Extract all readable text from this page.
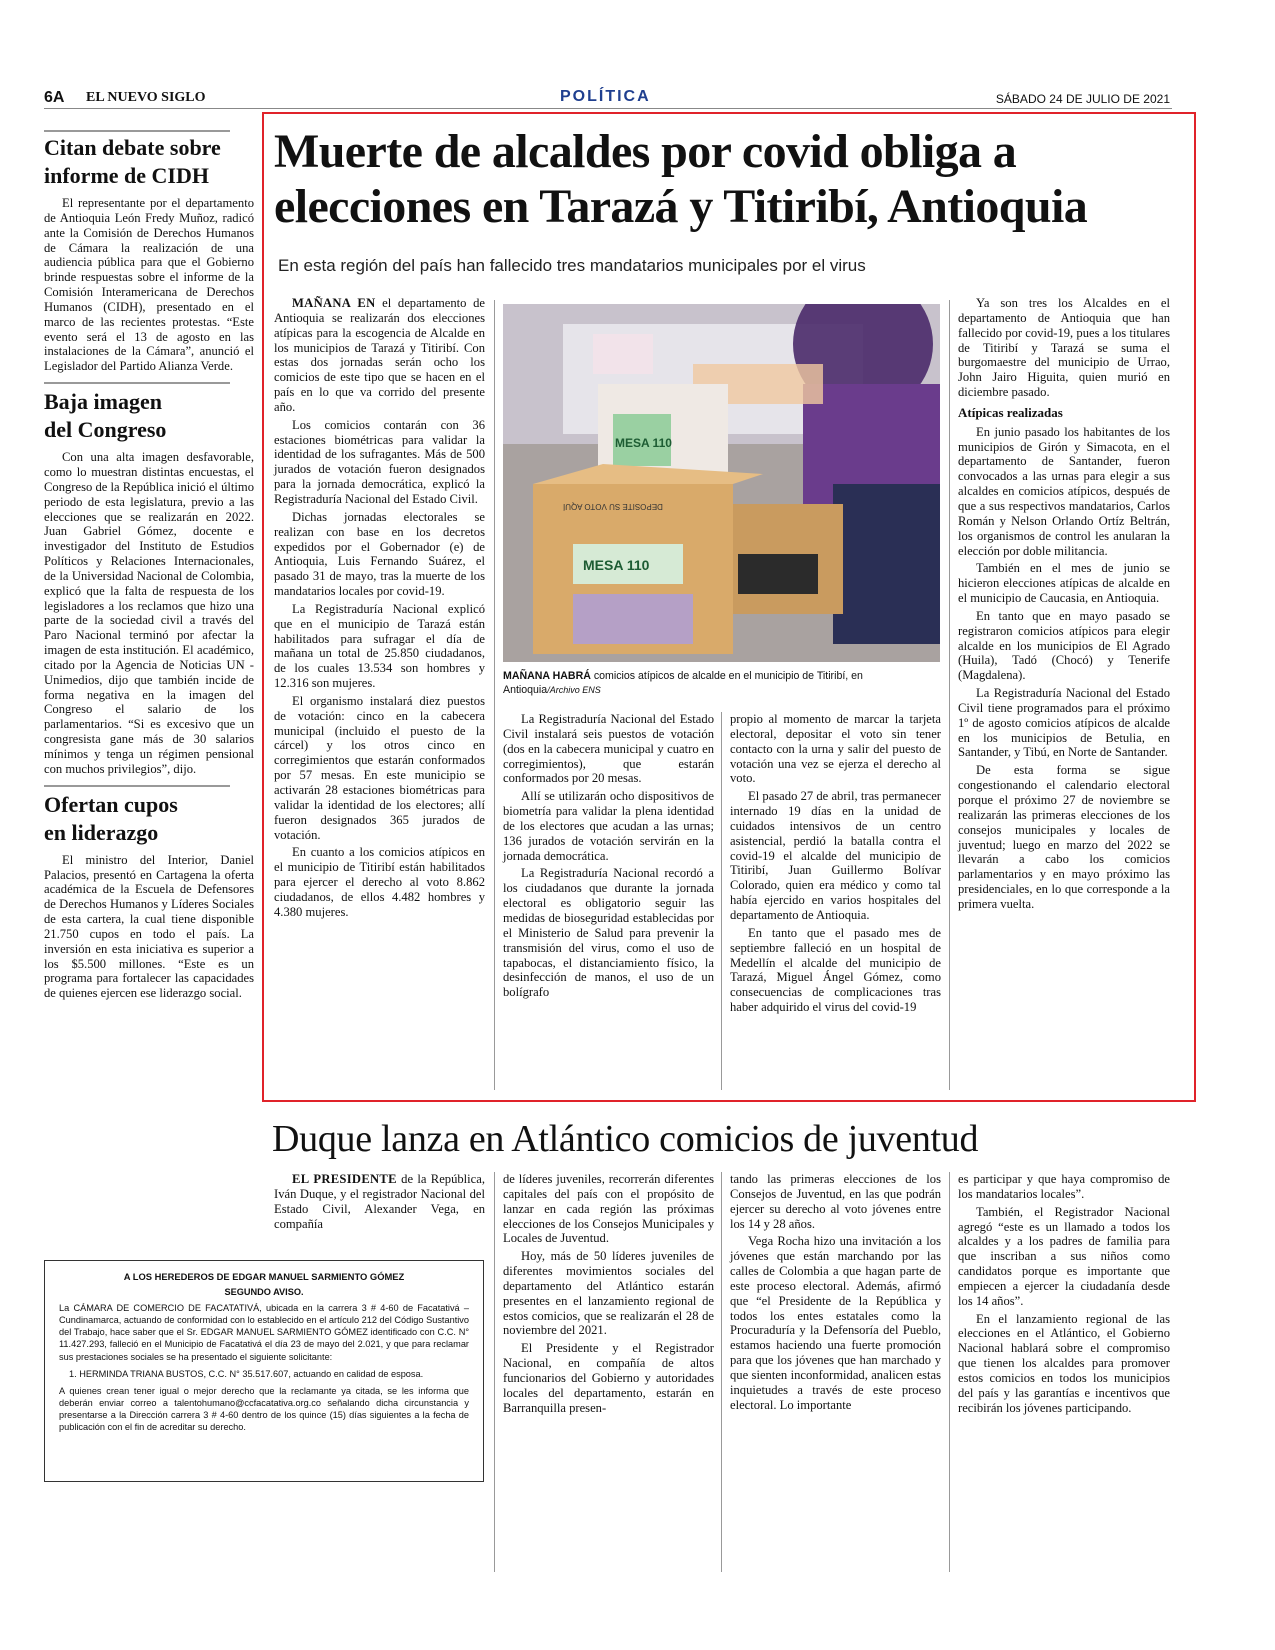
6A EL NUEVO SIGLO	POLÍTICA	SÁBADO 24 DE JULIO DE 2021
Citan debate sobre informe de CIDH

El representante por el departamento de Antioquia León Fredy Muñoz, radicó ante la Comisión de Derechos Humanos de Cámara la realización de una audiencia pública para que el Gobierno brinde respuestas sobre el informe de la Comisión Interamericana de Derechos Humanos (CIDH), presentado en el marco de las recientes protestas. “Este evento será el 13 de agosto en las instalaciones de la Cámara”, anunció el Legislador del Partido Alianza Verde.

Baja imagen del Congreso

Con una alta imagen desfavorable, como lo muestran distintas encuestas, el Congreso de la República inició el último periodo de esta legislatura, previo a las elecciones que se realizarán en 2022. Juan Gabriel Gómez, docente e investigador del Instituto de Estudios Políticos y Relaciones Internacionales, de la Universidad Nacional de Colombia, explicó que la falta de respuesta de los legisladores a los reclamos que hizo una parte de la sociedad civil a través del Paro Nacional terminó por afectar la imagen de esta institución. El académico, citado por la Agencia de Noticias UN - Unimedios, dijo que también incide de forma negativa en la imagen del Congreso el salario de los parlamentarios. “Si es excesivo que un congresista gane más de 30 salarios mínimos y tenga un régimen pensional con muchos privilegios”, dijo.

Ofertan cupos en liderazgo

El ministro del Interior, Daniel Palacios, presentó en Cartagena la oferta académica de la Escuela de Defensores de Derechos Humanos y Líderes Sociales de esta cartera, la cual tiene disponible 21.750 cupos en todo el país. La inversión en esta iniciativa es superior a los $5.500 millones. “Este es un programa para fortalecer las capacidades de quienes ejercen ese liderazgo social.

Muerte de alcaldes por covid obliga a elecciones en Tarazá y Titiribí, Antioquia
En esta región del país han fallecido tres mandatarios municipales por el virus

MAÑANA EN el departamento de Antioquia se realizarán dos elecciones atípicas para la escogencia de Alcalde en los municipios de Tarazá y Titiribí. Con estas dos jornadas serán ocho los comicios de este tipo que se hacen en el país en lo que va corrido del presente año.

Los comicios contarán con 36 estaciones biométricas para validar la identidad de los sufragantes. Más de 500 jurados de votación fueron designados para la jornada democrática, explicó la Registraduría Nacional del Estado Civil.

Dichas jornadas electorales se realizan con base en los decretos expedidos por el Gobernador (e) de Antioquia, Luis Fernando Suárez, el pasado 31 de mayo, tras la muerte de los mandatarios locales por covid-19.

La Registraduría Nacional explicó que en el municipio de Tarazá están habilitados para sufragar el día de mañana un total de 25.850 ciudadanos, de los cuales 13.534 son hombres y 12.316 son mujeres.

El organismo instalará diez puestos de votación: cinco en la cabecera municipal (incluido el puesto de la cárcel) y los otros cinco en corregimientos que estarán conformados por 57 mesas. En este municipio se activarán 28 estaciones biométricas para validar la identidad de los electores; allí fueron designados 365 jurados de votación.

En cuanto a los comicios atípicos en el municipio de Titiribí están habilitados para ejercer el derecho al voto 8.862 ciudadanos, de ellos 4.482 hombres y 4.380 mujeres.

MESA 110
MESA 110
DEPOSITE SU VOTO AQUÍ
MAÑANA HABRÁ comicios atípicos de alcalde en el municipio de Titiribí, en Antioquia/Archivo ENS

La Registraduría Nacional del Estado Civil instalará seis puestos de votación (dos en la cabecera municipal y cuatro en corregimientos), que estarán conformados por 20 mesas.

Allí se utilizarán ocho dispositivos de biometría para validar la plena identidad de los electores que acudan a las urnas; 136 jurados de votación servirán en la jornada democrática.

La Registraduría Nacional recordó a los ciudadanos que durante la jornada electoral es obligatorio seguir las medidas de bioseguridad establecidas por el Ministerio de Salud para prevenir la transmisión del virus, como el uso de tapabocas, el distanciamiento físico, la desinfección de manos, el uso de un bolígrafo

propio al momento de marcar la tarjeta electoral, depositar el voto sin tener contacto con la urna y salir del puesto de votación una vez se ejerza el derecho al voto.

El pasado 27 de abril, tras permanecer internado 19 días en la unidad de cuidados intensivos de un centro asistencial, perdió la batalla contra el covid-19 el alcalde del municipio de Titiribí, Juan Guillermo Bolívar Colorado, quien era médico y como tal había ejercido en varios hospitales del departamento de Antioquia.

En tanto que el pasado mes de septiembre falleció en un hospital de Medellín el alcalde del municipio de Tarazá, Miguel Ángel Gómez, como consecuencias de complicaciones tras haber adquirido el virus del covid-19

Ya son tres los Alcaldes en el departamento de Antioquia que han fallecido por covid-19, pues a los titulares de Titiribí y Tarazá se suma el burgomaestre del municipio de Urrao, John Jairo Higuita, quien murió en diciembre pasado.

Atípicas realizadas

En junio pasado los habitantes de los municipios de Girón y Simacota, en el departamento de Santander, fueron convocados a las urnas para elegir a sus alcaldes en comicios atípicos, después de que a sus respectivos mandatarios, Carlos Román y Nelson Orlando Ortíz Beltrán, los organismos de control les anularan la elección por doble militancia.

También en el mes de junio se hicieron elecciones atípicas de alcalde en el municipio de Caucasia, en Antioquia.

En tanto que en mayo pasado se registraron comicios atípicos para elegir alcalde en los municipios de El Agrado (Huila), Tadó (Chocó) y Tenerife (Magdalena).

La Registraduría Nacional del Estado Civil tiene programados para el próximo 1º de agosto comicios atípicos de alcalde en los municipios de Betulia, en Santander, y Tibú, en Norte de Santander.

De esta forma se sigue congestionando el calendario electoral porque el próximo 27 de noviembre se realizarán las primeras elecciones de los consejos municipales y locales de juventud; luego en marzo del 2022 se llevarán a cabo los comicios parlamentarios y en mayo próximo las presidenciales, en lo que corresponde a la primera vuelta.

Duque lanza en Atlántico comicios de juventud

EL PRESIDENTE de la República, Iván Duque, y el registrador Nacional del Estado Civil, Alexander Vega, en compañía

de líderes juveniles, recorrerán diferentes capitales del país con el propósito de lanzar en cada región las próximas elecciones de los Consejos Municipales y Locales de Juventud.

Hoy, más de 50 líderes juveniles de diferentes movimientos sociales del departamento del Atlántico estarán presentes en el lanzamiento regional de estos comicios, que se realizarán el 28 de noviembre del 2021.

El Presidente y el Registrador Nacional, en compañía de altos funcionarios del Gobierno y autoridades locales del departamento, estarán en Barranquilla presen-

tando las primeras elecciones de los Consejos de Juventud, en las que podrán ejercer su derecho al voto jóvenes entre los 14 y 28 años.

Vega Rocha hizo una invitación a los jóvenes que están marchando por las calles de Colombia a que hagan parte de este proceso electoral. Además, afirmó que “el Presidente de la República y todos los entes estatales como la Procuraduría y la Defensoría del Pueblo, estamos haciendo una fuerte promoción para que los jóvenes que han marchado y que sienten inconformidad, analicen estas inquietudes a través de este proceso electoral. Lo importante

es participar y que haya compromiso de los mandatarios locales”.

También, el Registrador Nacional agregó “este es un llamado a todos los alcaldes y a los padres de familia para que inscriban a sus niños como candidatos porque es importante que empiecen a ejercer la ciudadanía desde los 14 años”.

En el lanzamiento regional de las elecciones en el Atlántico, el Gobierno Nacional hablará sobre el compromiso que tienen los alcaldes para promover estos comicios en todos los municipios del país y las garantías e incentivos que recibirán los jóvenes participando.

A LOS HEREDEROS DE EDGAR MANUEL SARMIENTO GÓMEZ
SEGUNDO AVISO.
La CÁMARA DE COMERCIO DE FACATATIVÁ, ubicada en la carrera 3 # 4-60 de Facatativá – Cundinamarca, actuando de conformidad con lo establecido en el artículo 212 del Código Sustantivo del Trabajo, hace saber que el Sr. EDGAR MANUEL SARMIENTO GÓMEZ identificado con C.C. N° 11.427.293, falleció en el Municipio de Facatativá el día 23 de mayo del 2.021, y que para reclamar sus prestaciones sociales se ha presentado el siguiente solicitante:
1. HERMINDA TRIANA BUSTOS, C.C. N° 35.517.607, actuando en calidad de esposa.
A quienes crean tener igual o mejor derecho que la reclamante ya citada, se les informa que deberán enviar correo a talentohumano@ccfacatativa.org.co señalando dicha circunstancia y presentarse a la Dirección carrera 3 # 4-60 dentro de los quince (15) días siguientes a la fecha de publicación con el fin de acreditar su derecho.
